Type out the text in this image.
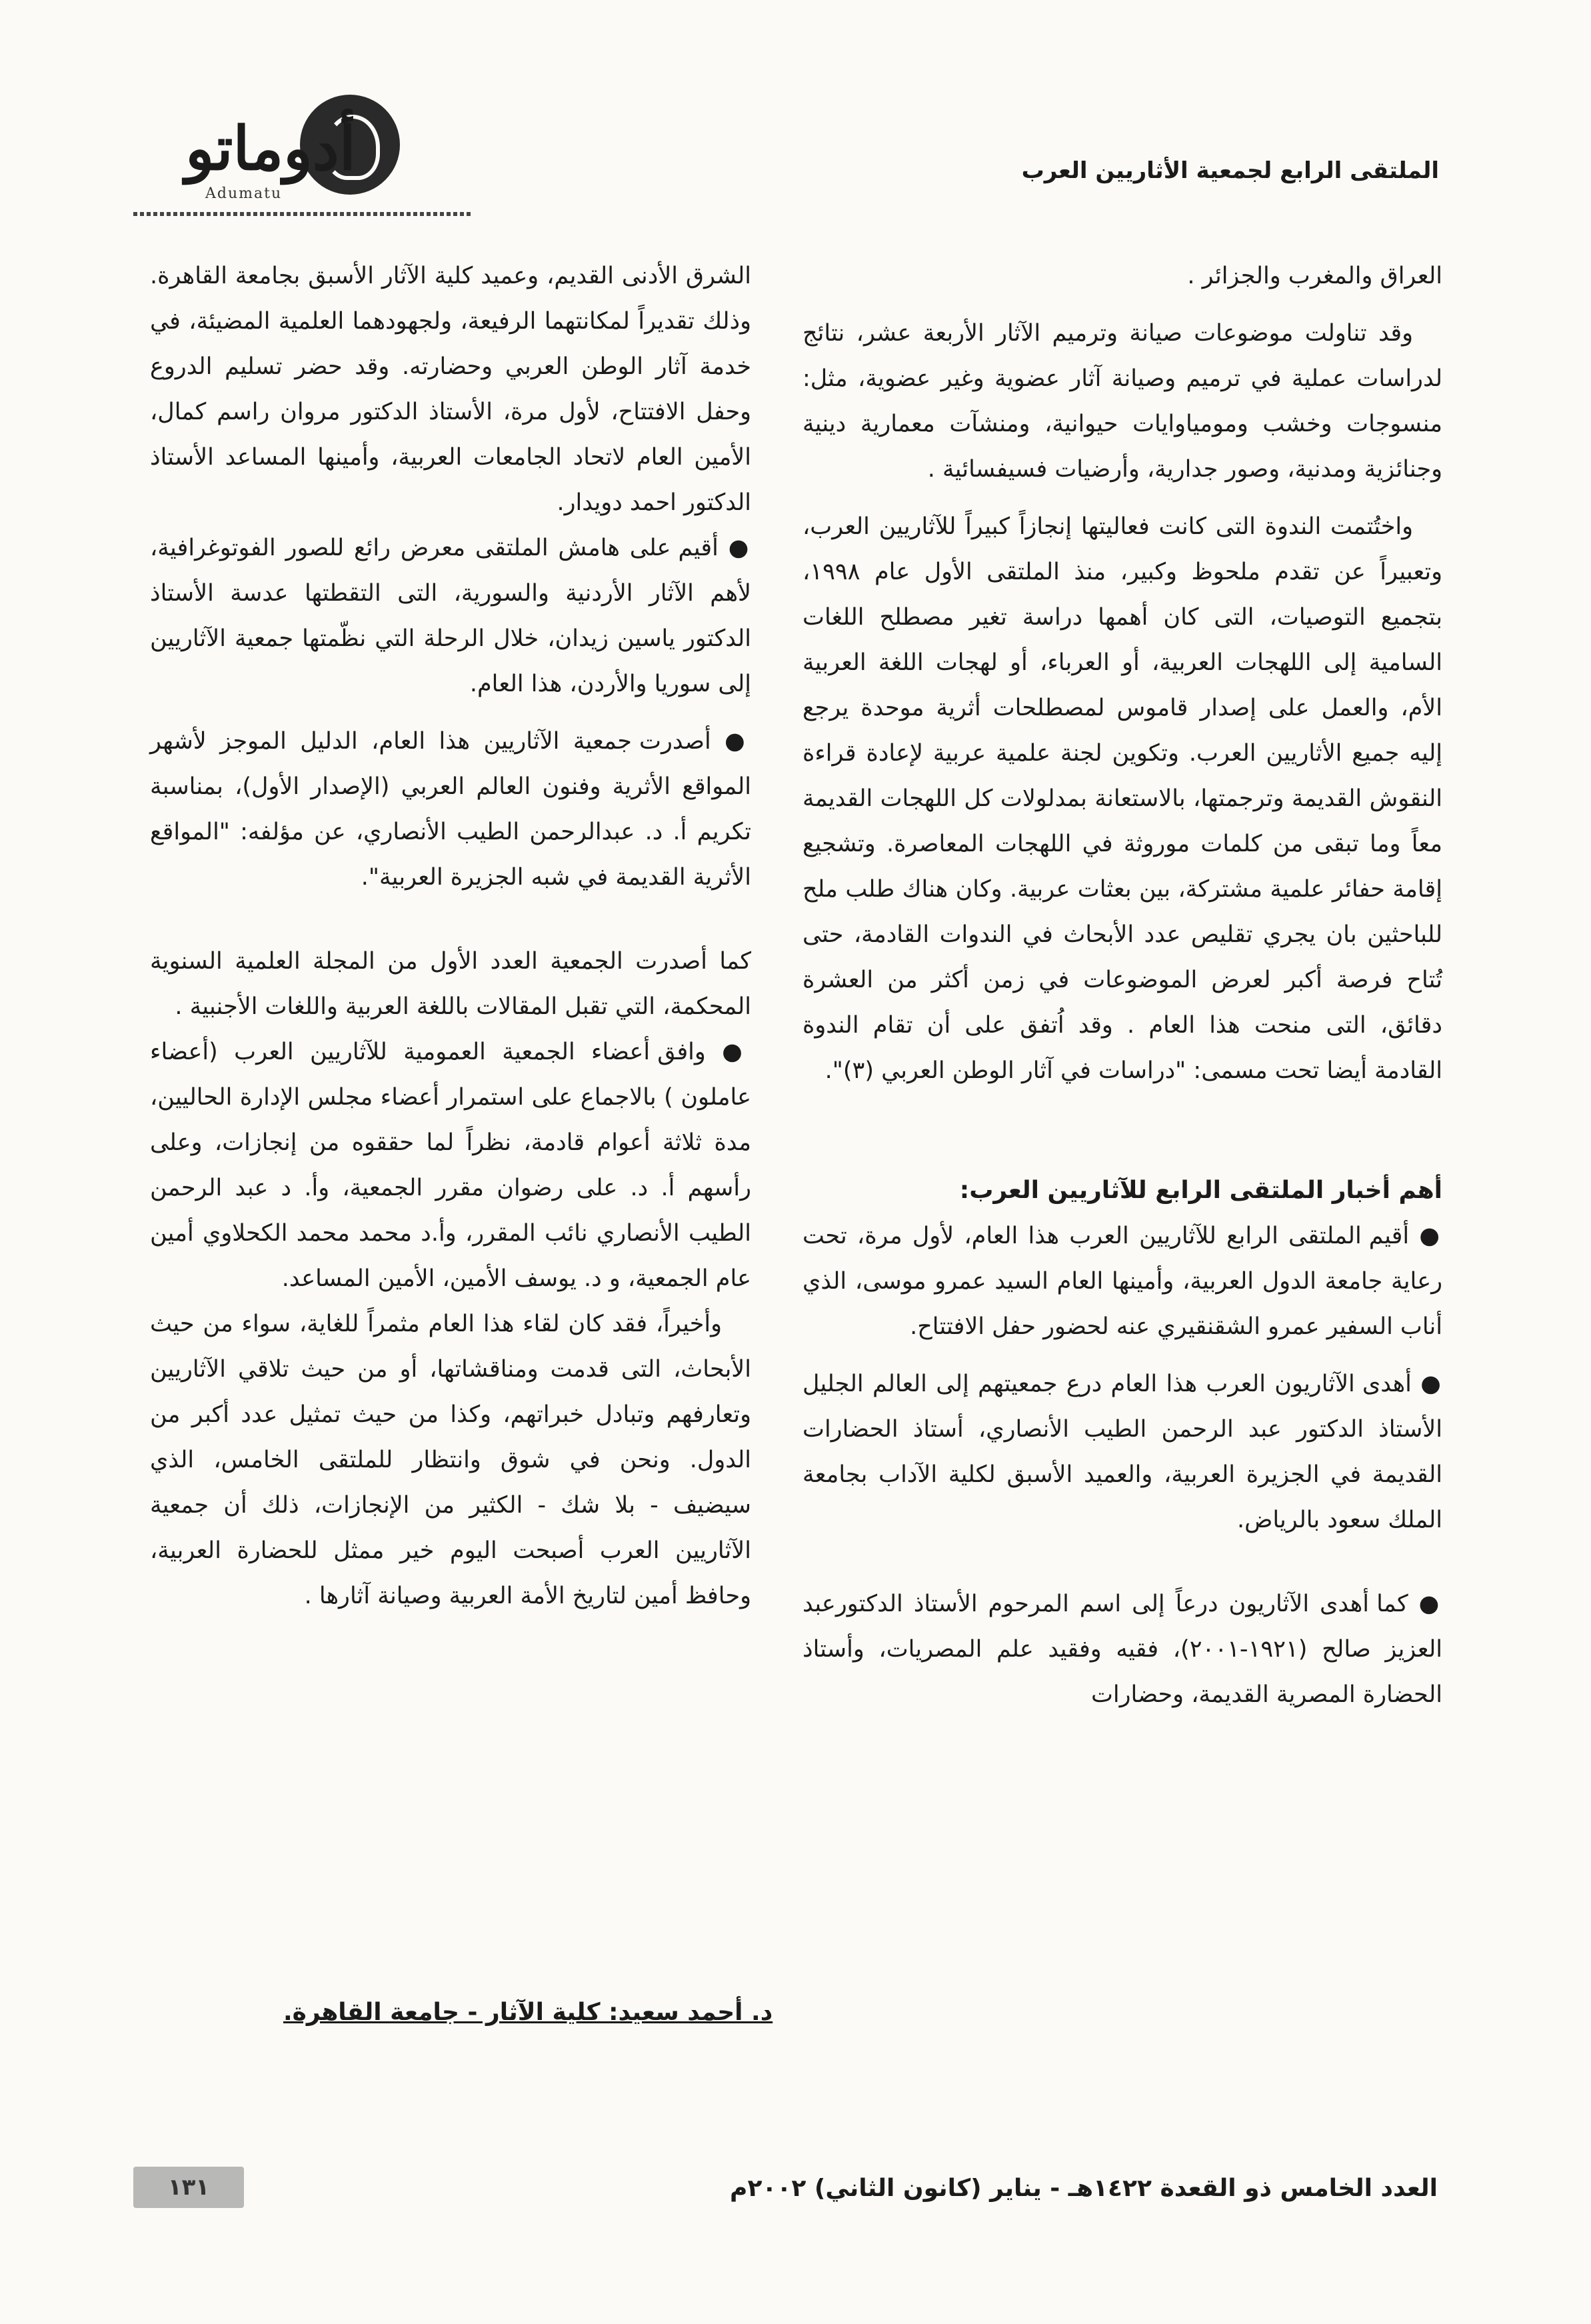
الملتقى الرابع لجمعية الأثاريين العرب
أدوماتو
Adumatu

العراق والمغرب والجزائر .

وقد تناولت موضوعات صيانة وترميم الآثار الأربعة عشر، نتائج لدراسات عملية في ترميم وصيانة آثار عضوية وغير عضوية، مثل: منسوجات وخشب ومومياوايات حيوانية، ومنشآت معمارية دينية وجنائزية ومدنية، وصور جدارية، وأرضيات فسيفسائية .

واختُتمت الندوة التى كانت فعاليتها إنجازاً كبيراً للآثاريين العرب، وتعبيراً عن تقدم ملحوظ وكبير، منذ الملتقى الأول عام ١٩٩٨، بتجميع التوصيات، التى كان أهمها دراسة تغير مصطلح اللغات السامية إلى اللهجات العربية، أو العرباء، أو لهجات اللغة العربية الأم، والعمل على إصدار قاموس لمصطلحات أثرية موحدة يرجع إليه جميع الأثاريين العرب. وتكوين لجنة علمية عربية لإعادة قراءة النقوش القديمة وترجمتها، بالاستعانة بمدلولات كل اللهجات القديمة معاً وما تبقى من كلمات موروثة في اللهجات المعاصرة. وتشجيع إقامة حفائر علمية مشتركة، بين بعثات عربية. وكان هناك طلب ملح للباحثين بان يجري تقليص عدد الأبحاث في الندوات القادمة، حتى تُتاح فرصة أكبر لعرض الموضوعات في زمن أكثر من العشرة دقائق، التى منحت هذا العام . وقد اُتفق على أن تقام الندوة القادمة أيضا تحت مسمى: "دراسات في آثار الوطن العربي (٣)".

أهم أخبار الملتقى الرابع للآثاريين العرب:

● أقيم الملتقى الرابع للآثاريين العرب هذا العام، لأول مرة، تحت رعاية جامعة الدول العربية، وأمينها العام السيد عمرو موسى، الذي أناب السفير عمرو الشقنقيري عنه لحضور حفل الافتتاح.

● أهدى الآثاريون العرب هذا العام درع جمعيتهم إلى العالم الجليل الأستاذ الدكتور عبد الرحمن الطيب الأنصاري، أستاذ الحضارات القديمة في الجزيرة العربية، والعميد الأسبق لكلية الآداب بجامعة الملك سعود بالرياض.

● كما أهدى الآثاريون درعاً إلى اسم المرحوم الأستاذ الدكتورعبد العزيز صالح (١٩٢١-٢٠٠١)، فقيه وفقيد علم المصريات، وأستاذ الحضارة المصرية القديمة، وحضارات

الشرق الأدنى القديم، وعميد كلية الآثار الأسبق بجامعة القاهرة. وذلك تقديراً لمكانتهما الرفيعة، ولجهودهما العلمية المضيئة، في خدمة آثار الوطن العربي وحضارته. وقد حضر تسليم الدروع وحفل الافتتاح، لأول مرة، الأستاذ الدكتور مروان راسم كمال، الأمين العام لاتحاد الجامعات العربية، وأمينها المساعد الأستاذ الدكتور احمد دويدار.

● أقيم على هامش الملتقى معرض رائع للصور الفوتوغرافية، لأهم الآثار الأردنية والسورية، التى التقطتها عدسة الأستاذ الدكتور ياسين زيدان، خلال الرحلة التي نظّمتها جمعية الآثاريين إلى سوريا والأردن، هذا العام.

● أصدرت جمعية الآثاريين هذا العام، الدليل الموجز لأشهر المواقع الأثرية وفنون العالم العربي (الإصدار الأول)، بمناسبة تكريم أ. د. عبدالرحمن الطيب الأنصاري، عن مؤلفه: "المواقع الأثرية القديمة في شبه الجزيرة العربية".

كما أصدرت الجمعية العدد الأول من المجلة العلمية السنوية المحكمة، التي تقبل المقالات باللغة العربية واللغات الأجنبية .

● وافق أعضاء الجمعية العمومية للآثاريين العرب (أعضاء عاملون ) بالاجماع على استمرار أعضاء مجلس الإدارة الحاليين، مدة ثلاثة أعوام قادمة، نظراً لما حققوه من إنجازات، وعلى رأسهم أ. د. على رضوان مقرر الجمعية، وأ. د عبد الرحمن الطيب الأنصاري نائب المقرر، وأ.د محمد محمد الكحلاوي أمين عام الجمعية، و د. يوسف الأمين، الأمين المساعد.

وأخيراً، فقد كان لقاء هذا العام مثمراً للغاية، سواء من حيث الأبحاث، التى قدمت ومناقشاتها، أو من حيث تلاقي الآثاريين وتعارفهم وتبادل خبراتهم، وكذا من حيث تمثيل عدد أكبر من الدول. ونحن في شوق وانتظار للملتقى الخامس، الذي سيضيف - بلا شك - الكثير من الإنجازات، ذلك أن جمعية الآثاريين العرب أصبحت اليوم خير ممثل للحضارة العربية، وحافظ أمين لتاريخ الأمة العربية وصيانة آثارها .

د. أحمد سعيد: كلية الآثار - جامعة القاهرة.
العدد الخامس ذو القعدة ١٤٢٢هـ - يناير (كانون الثاني) ٢٠٠٢م
١٣١
